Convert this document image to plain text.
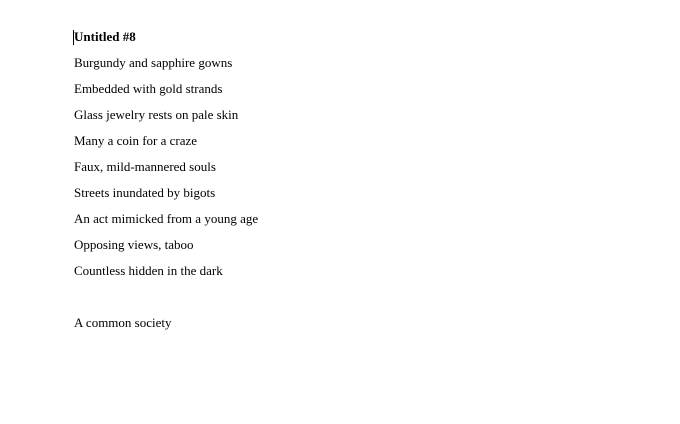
Untitled #8

Burgundy and sapphire gowns

Embedded with gold strands

Glass jewelry rests on pale skin

Many a coin for a craze

Faux, mild-mannered souls

Streets inundated by bigots

An act mimicked from a young age

Opposing views, taboo

Countless hidden in the dark

A common society
